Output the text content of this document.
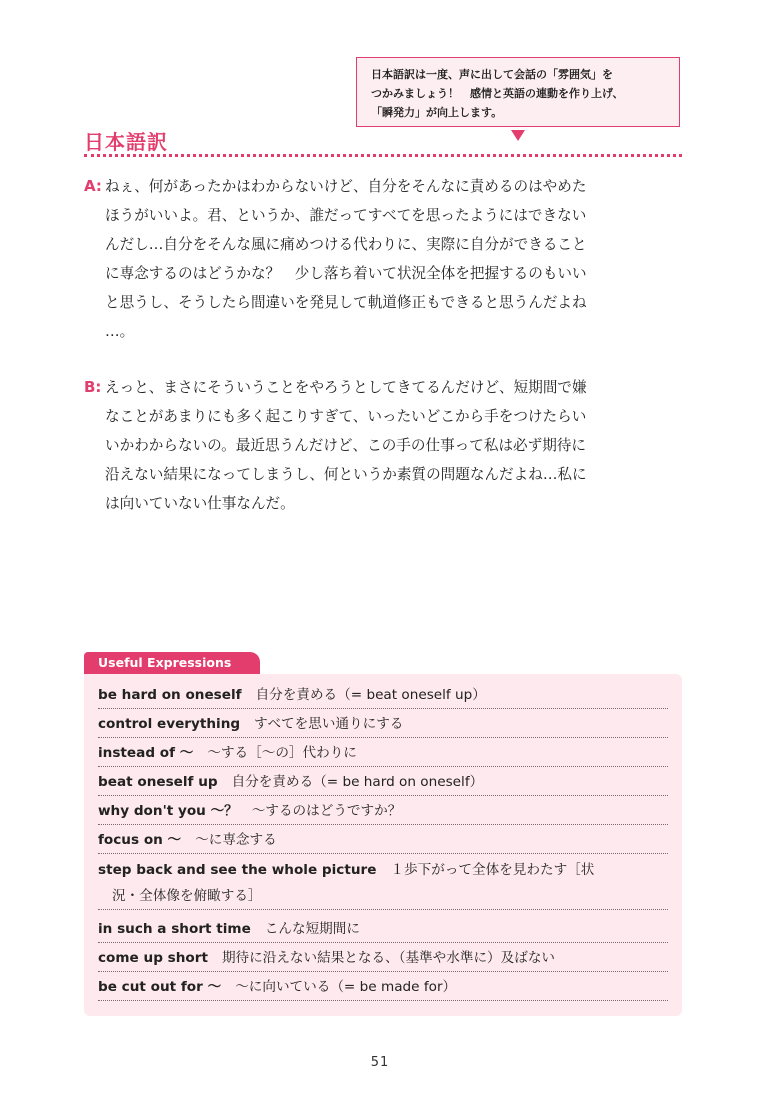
日本語訳は一度、声に出して会話の「雰囲気」を
つかみましょう！　感情と英語の連動を作り上げ、
「瞬発力」が向上します。
日本語訳
A: ねぇ、何があったかはわからないけど、自分をそんなに責めるのはやめた
ほうがいいよ。君、というか、誰だってすべてを思ったようにはできない
んだし…自分をそんな風に痛めつける代わりに、実際に自分ができること
に専念するのはどうかな？　少し落ち着いて状況全体を把握するのもいい
と思うし、そうしたら間違いを発見して軌道修正もできると思うんだよね
…。
B: えっと、まさにそういうことをやろうとしてきてるんだけど、短期間で嫌
なことがあまりにも多く起こりすぎて、いったいどこから手をつけたらい
いかわからないの。最近思うんだけど、この手の仕事って私は必ず期待に
沿えない結果になってしまうし、何というか素質の問題なんだよね…私に
は向いていない仕事なんだ。
Useful Expressions
be hard on oneself 自分を責める（= beat oneself up）
control everything すべてを思い通りにする
instead of ～ ～する［～の］代わりに
beat oneself up 自分を責める（= be hard on oneself）
why don't you ～？ ～するのはどうですか？
focus on ～ ～に専念する
step back and see the whole picture １歩下がって全体を見わたす［状
況・全体像を俯瞰する］
in such a short time こんな短期間に
come up short 期待に沿えない結果となる、（基準や水準に）及ばない
be cut out for ～ ～に向いている（= be made for）
51
